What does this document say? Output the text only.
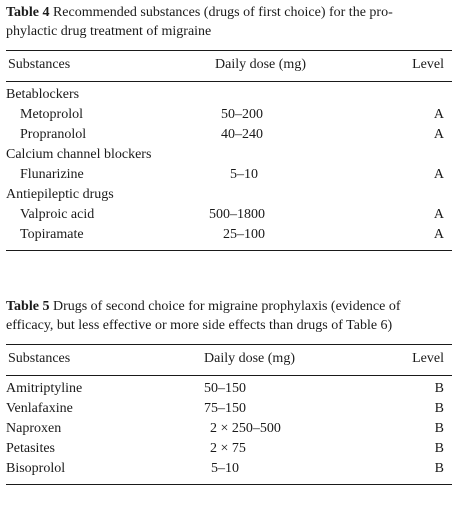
Table 4 Recommended substances (drugs of first choice) for the pro-
phylactic drug treatment of migraine
Substances	Daily dose (mg)	Level
Betablockers
Metoprolol	50–200	A
Propranolol	40–240	A
Calcium channel blockers
Flunarizine	5–10	A
Antiepileptic drugs
Valproic acid	500–1800	A
Topiramate	25–100	A
Table 5 Drugs of second choice for migraine prophylaxis (evidence of
efficacy, but less effective or more side effects than drugs of Table 6)
Substances	Daily dose (mg)	Level
Amitriptyline	50–150	B
Venlafaxine	75–150	B
Naproxen	2 × 250–500	B
Petasites	2 × 75	B
Bisoprolol	5–10	B
